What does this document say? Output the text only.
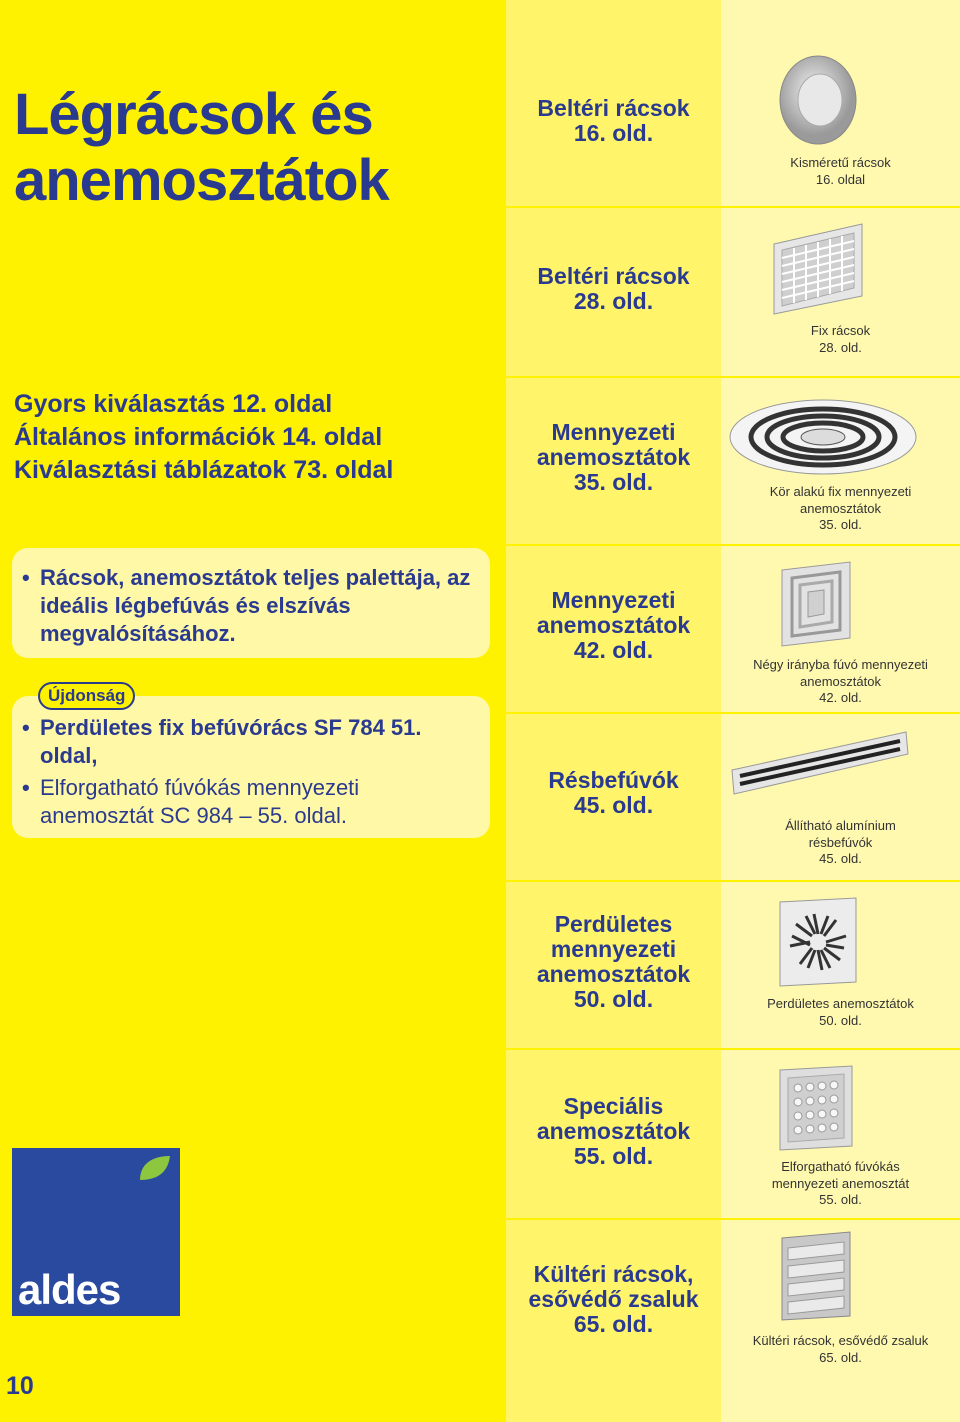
Légrácsok és anemosztátok
Gyors kiválasztás 12. oldal
Általános információk 14. oldal
Kiválasztási táblázatok 73. oldal
• Rácsok, anemosztátok teljes palettája, az ideális légbefúvás és elszívás megvalósításához.
• Perdületes fix befúvórács SF 784 51. oldal,
• Elforgatható fúvókás mennyezeti anemosztát SC 984 – 55. oldal.
Újdonság
Beltéri rácsok
16. old.
Kisméretű rácsok
16. oldal
Beltéri rácsok
28. old.
Fix rácsok
28. old.
Mennyezeti anemosztátok
35. old.	Kör alakú fix mennyezeti
anemosztátok
35. old.
Mennyezeti anemosztátok
42. old.
Négy irányba fúvó mennyezeti
anemosztátok
42. old.
Résbefúvók
45. old.
Állítható alumínium
résbefúvók
45. old.
Perdületes mennyezeti anemosztátok
50. old.	Perdületes anemosztátok
50. old.
Speciális anemosztátok
55. old.	Elforgatható fúvókás
mennyezeti anemosztát
55. old.
Kültéri rácsok, esővédő zsaluk
65. old.
Kültéri rácsok, esővédő zsaluk
65. old.
aldes
10
